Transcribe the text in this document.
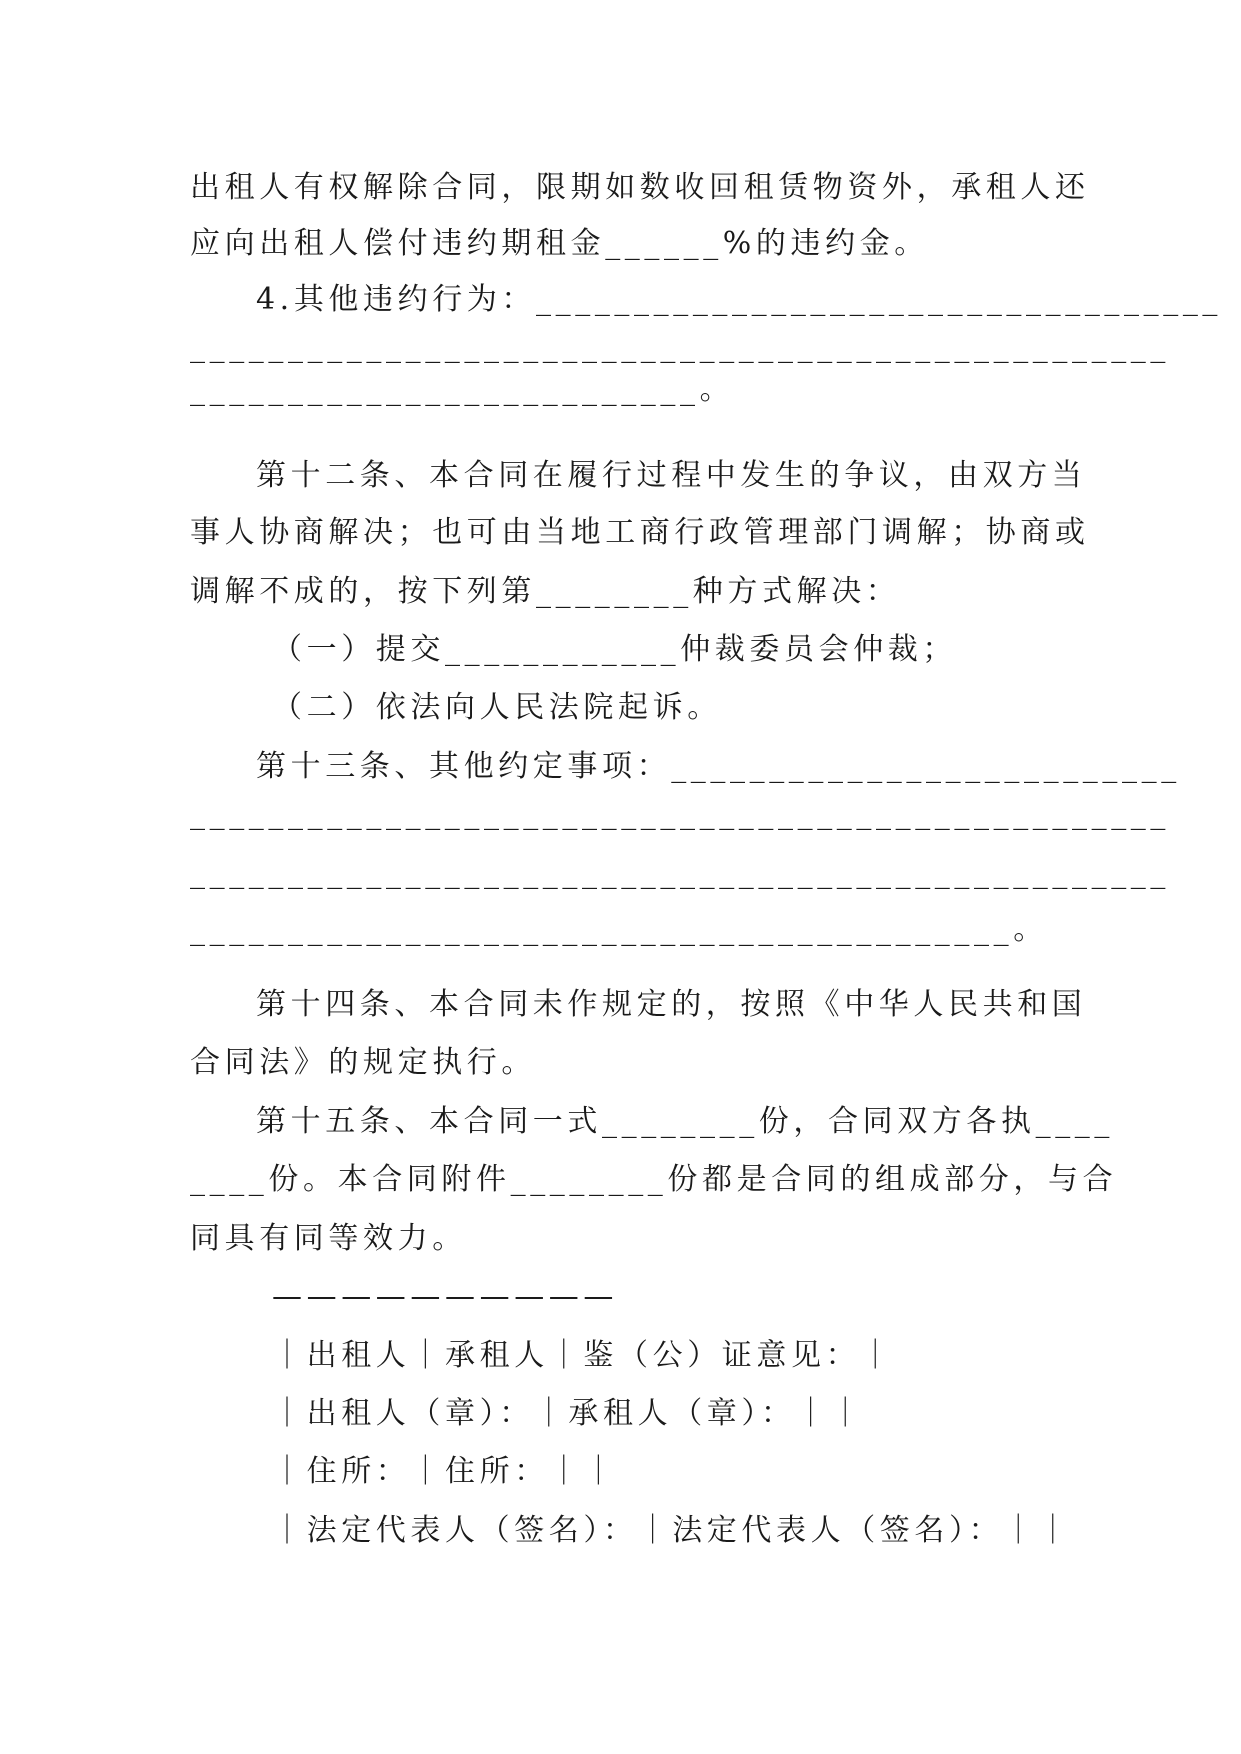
出租人有权解除合同，限期如数收回租赁物资外，承租人还
应向出租人偿付违约期租金______%的违约金。
4.其他违约行为：___________________________________
__________________________________________________
__________________________。
第十二条、本合同在履行过程中发生的争议，由双方当
事人协商解决；也可由当地工商行政管理部门调解；协商或
调解不成的，按下列第________种方式解决：
（一）提交____________仲裁委员会仲裁；
（二）依法向人民法院起诉。
第十三条、其他约定事项：__________________________
__________________________________________________
__________________________________________________
__________________________________________。
第十四条、本合同未作规定的，按照《中华人民共和国
合同法》的规定执行。
第十五条、本合同一式________份，合同双方各执____
____份。本合同附件________份都是合同的组成部分，与合
同具有同等效力。
——————————
｜出租人｜承租人｜鉴（公）证意见：｜
｜出租人（章）：｜承租人（章）：｜｜
｜住所：｜住所：｜｜
｜法定代表人（签名）：｜法定代表人（签名）：｜｜
